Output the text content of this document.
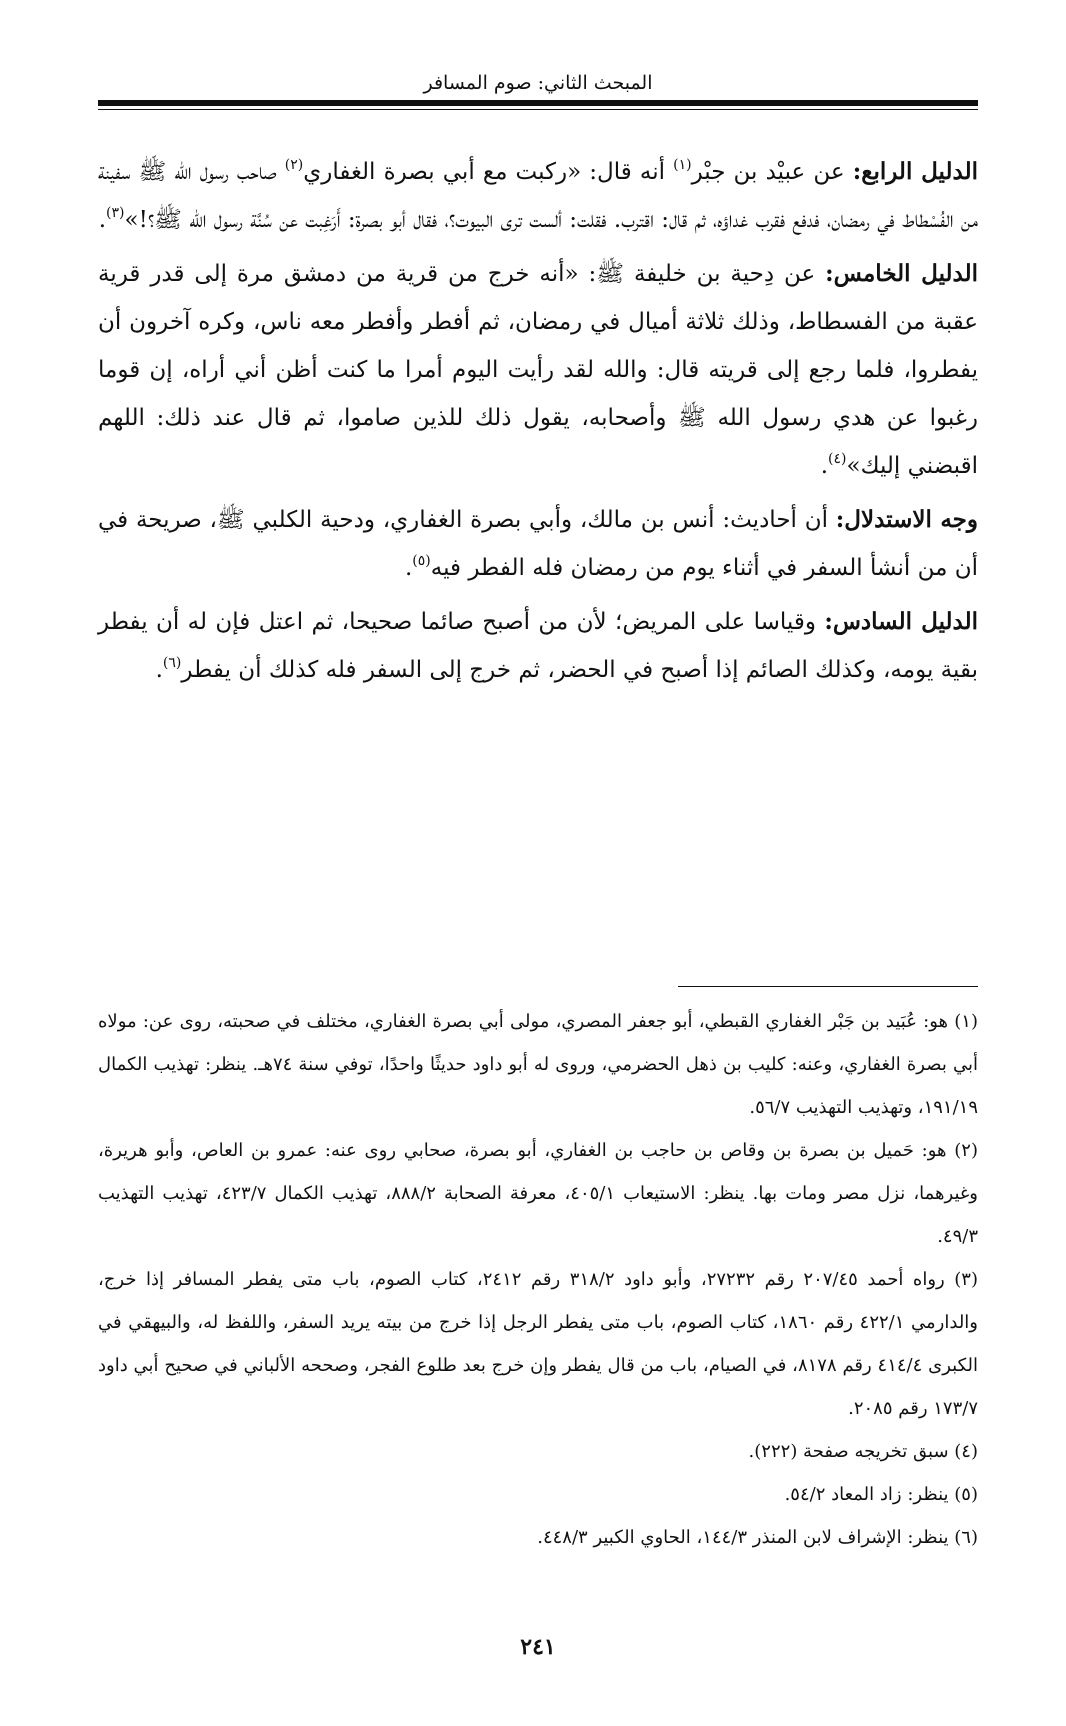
المبحث الثاني: صوم المسافر

الدليل الرابع: عن عبيْد بن جبْر$^{(١)}$ أنه قال: «ركبت مع أبي بصرة الغفاري$^{(٢)}$ صاحب رسول الله ﷺ سفينة من الفُسْطاط في رمضان، فدفع فقرب غداؤه، ثم قال: اقترب. فقلت: ألست ترى البيوت؟، فقال أبو بصرة: أَرَغِبت عن سُنَّة رسول الله ﷺ؟!»$^{(٣)}$.

الدليل الخامس: عن دِحية بن خليفة ﷺ: «أنه خرج من قرية من دمشق مرة إلى قدر قرية عقبة من الفسطاط، وذلك ثلاثة أميال في رمضان، ثم أفطر وأفطر معه ناس، وكره آخرون أن يفطروا، فلما رجع إلى قريته قال: والله لقد رأيت اليوم أمرا ما كنت أظن أني أراه، إن قوما رغبوا عن هدي رسول الله ﷺ وأصحابه، يقول ذلك للذين صاموا، ثم قال عند ذلك: اللهم اقبضني إليك»$^{(٤)}$.

وجه الاستدلال: أن أحاديث: أنس بن مالك، وأبي بصرة الغفاري، ودحية الكلبي ﷺ، صريحة في أن من أنشأ السفر في أثناء يوم من رمضان فله الفطر فيه$^{(٥)}$.

الدليل السادس: وقياسا على المريض؛ لأن من أصبح صائما صحيحا، ثم اعتل فإن له أن يفطر بقية يومه، وكذلك الصائم إذا أصبح في الحضر، ثم خرج إلى السفر فله كذلك أن يفطر$^{(٦)}$.

(١) هو: عُبَيد بن جَبْر الغفاري القبطي، أبو جعفر المصري، مولى أبي بصرة الغفاري، مختلف في صحبته، روى عن: مولاه أبي بصرة الغفاري، وعنه: كليب بن ذهل الحضرمي، وروى له أبو داود حديثًا واحدًا، توفي سنة ٧٤هـ. ينظر: تهذيب الكمال ١٩١/١٩، وتهذيب التهذيب ٥٦/٧.

(٢) هو: حَميل بن بصرة بن وقاص بن حاجب بن الغفاري، أبو بصرة، صحابي روى عنه: عمرو بن العاص، وأبو هريرة، وغيرهما، نزل مصر ومات بها. ينظر: الاستيعاب ٤٠٥/١، معرفة الصحابة ٨٨٨/٢، تهذيب الكمال ٤٢٣/٧، تهذيب التهذيب ٤٩/٣.

(٣) رواه أحمد ٢٠٧/٤٥ رقم ٢٧٢٣٢، وأبو داود ٣١٨/٢ رقم ٢٤١٢، كتاب الصوم، باب متى يفطر المسافر إذا خرج، والدارمي ٤٢٢/١ رقم ١٨٦٠، كتاب الصوم، باب متى يفطر الرجل إذا خرج من بيته يريد السفر، واللفظ له، والبيهقي في الكبرى ٤١٤/٤ رقم ٨١٧٨، في الصيام، باب من قال يفطر وإن خرج بعد طلوع الفجر، وصححه الألباني في صحيح أبي داود ١٧٣/٧ رقم ٢٠٨٥.

(٤) سبق تخريجه صفحة (٢٢٢).

(٥) ينظر: زاد المعاد ٥٤/٢.

(٦) ينظر: الإشراف لابن المنذر ١٤٤/٣، الحاوي الكبير ٤٤٨/٣.

٢٤١
